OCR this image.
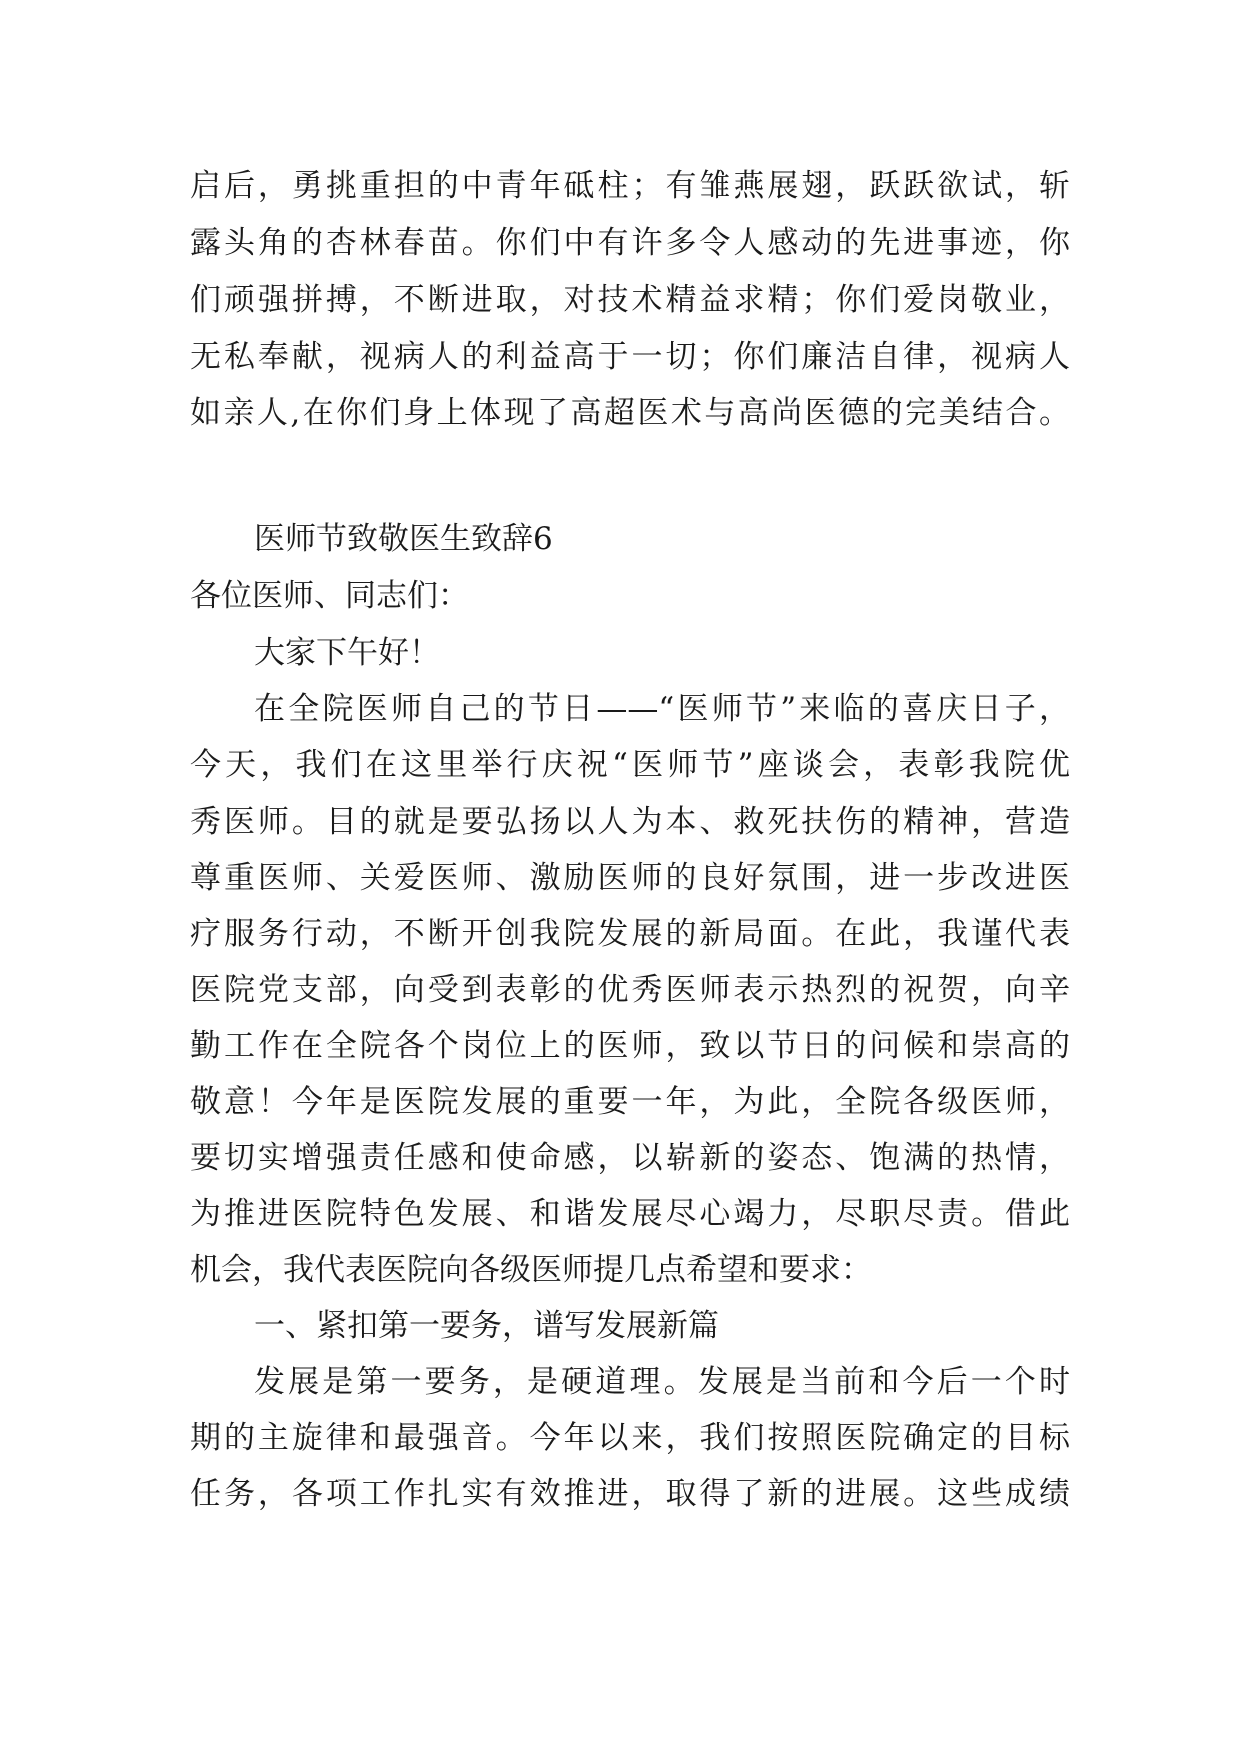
启后，勇挑重担的中青年砥柱；有雏燕展翅，跃跃欲试，斩
露头角的杏林春苗。你们中有许多令人感动的先进事迹，你
们顽强拼搏，不断进取，对技术精益求精；你们爱岗敬业，
无私奉献，视病人的利益高于一切；你们廉洁自律，视病人
如亲人,在你们身上体现了高超医术与高尚医德的完美结合。
医师节致敬医生致辞6
各位医师、同志们：
大家下午好！
在全院医师自己的节日——“医师节”来临的喜庆日子，
今天，我们在这里举行庆祝“医师节”座谈会，表彰我院优
秀医师。目的就是要弘扬以人为本、救死扶伤的精神，营造
尊重医师、关爱医师、激励医师的良好氛围，进一步改进医
疗服务行动，不断开创我院发展的新局面。在此，我谨代表
医院党支部，向受到表彰的优秀医师表示热烈的祝贺，向辛
勤工作在全院各个岗位上的医师，致以节日的问候和崇高的
敬意！今年是医院发展的重要一年，为此，全院各级医师，
要切实增强责任感和使命感，以崭新的姿态、饱满的热情，
为推进医院特色发展、和谐发展尽心竭力，尽职尽责。借此
机会，我代表医院向各级医师提几点希望和要求：
一、紧扣第一要务，谱写发展新篇
发展是第一要务，是硬道理。发展是当前和今后一个时
期的主旋律和最强音。今年以来，我们按照医院确定的目标
任务，各项工作扎实有效推进，取得了新的进展。这些成绩
